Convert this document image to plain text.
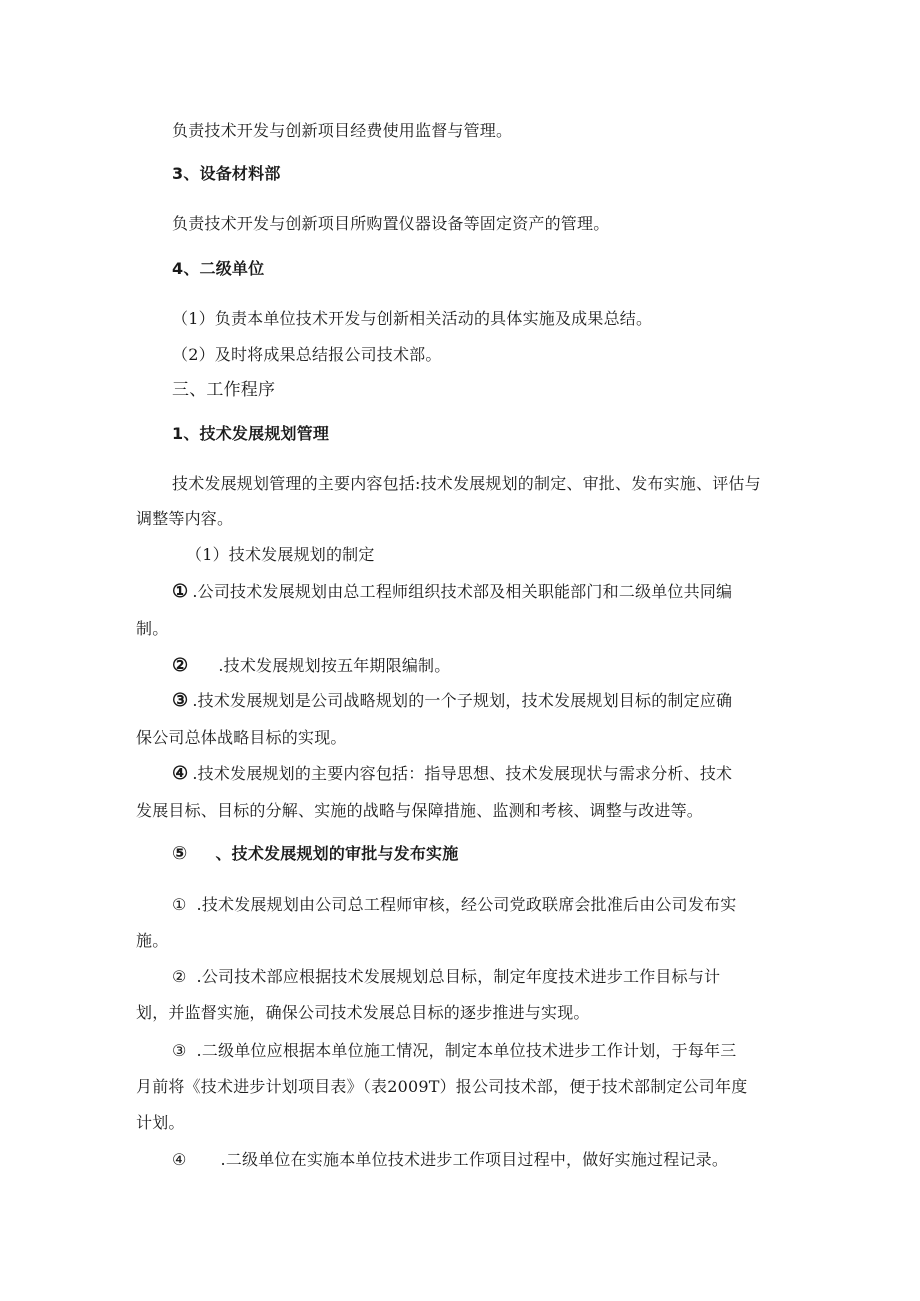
负责技术开发与创新项目经费使用监督与管理。

3、设备材料部

负责技术开发与创新项目所购置仪器设备等固定资产的管理。

4、二级单位

（1）负责本单位技术开发与创新相关活动的具体实施及成果总结。

（2）及时将成果总结报公司技术部。

三、工作程序

1、技术发展规划管理

技术发展规划管理的主要内容包括:技术发展规划的制定、审批、发布实施、评估与

调整等内容。

（1）技术发展规划的制定

① .公司技术发展规划由总工程师组织技术部及相关职能部门和二级单位共同编

制。

② .技术发展规划按五年期限编制。

③ .技术发展规划是公司战略规划的一个子规划，技术发展规划目标的制定应确

保公司总体战略目标的实现。

④ .技术发展规划的主要内容包括：指导思想、技术发展现状与需求分析、技术

发展目标、目标的分解、实施的战略与保障措施、监测和考核、调整与改进等。

⑤ 、技术发展规划的审批与发布实施

① .技术发展规划由公司总工程师审核，经公司党政联席会批准后由公司发布实

施。

② .公司技术部应根据技术发展规划总目标，制定年度技术进步工作目标与计

划，并监督实施，确保公司技术发展总目标的逐步推进与实现。

③ .二级单位应根据本单位施工情况，制定本单位技术进步工作计划，于每年三

月前将《技术进步计划项目表》（表2009T）报公司技术部，便于技术部制定公司年度

计划。

④ .二级单位在实施本单位技术进步工作项目过程中，做好实施过程记录。
